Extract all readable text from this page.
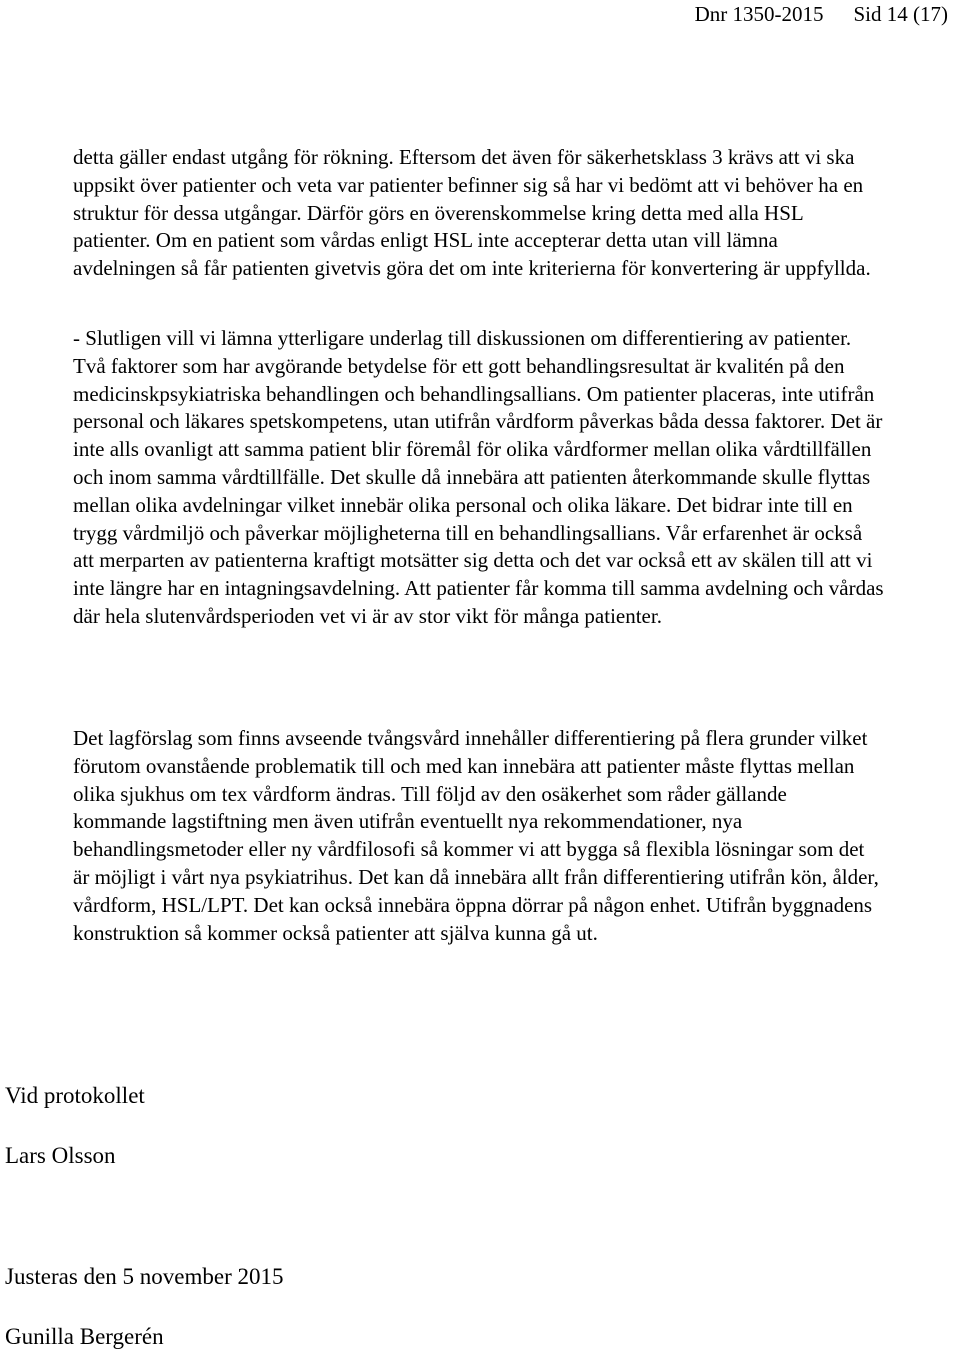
Dnr 1350-2015 Sid 14 (17)

detta gäller endast utgång för rökning. Eftersom det även för säkerhetsklass 3 krävs att vi ska uppsikt över patienter och veta var patienter befinner sig så har vi bedömt att vi behöver ha en struktur för dessa utgångar. Därför görs en överenskommelse kring detta med alla HSL patienter. Om en patient som vårdas enligt HSL inte accepterar detta utan vill lämna avdelningen så får patienten givetvis göra det om inte kriterierna för konvertering är uppfyllda.

- Slutligen vill vi lämna ytterligare underlag till diskussionen om differentiering av patienter. Två faktorer som har avgörande betydelse för ett gott behandlingsresultat är kvalitén på den medicinskpsykiatriska behandlingen och behandlingsallians. Om patienter placeras, inte utifrån personal och läkares spetskompetens, utan utifrån vårdform påverkas båda dessa faktorer. Det är inte alls ovanligt att samma patient blir föremål för olika vårdformer mellan olika vårdtillfällen och inom samma vårdtillfälle. Det skulle då innebära att patienten återkommande skulle flyttas mellan olika avdelningar vilket innebär olika personal och olika läkare. Det bidrar inte till en trygg vårdmiljö och påverkar möjligheterna till en behandlingsallians. Vår erfarenhet är också att merparten av patienterna kraftigt motsätter sig detta och det var också ett av skälen till att vi inte längre har en intagningsavdelning. Att patienter får komma till samma avdelning och vårdas där hela slutenvårdsperioden vet vi är av stor vikt för många patienter.

Det lagförslag som finns avseende tvångsvård innehåller differentiering på flera grunder vilket förutom ovanstående problematik till och med kan innebära att patienter måste flyttas mellan olika sjukhus om tex vårdform ändras. Till följd av den osäkerhet som råder gällande kommande lagstiftning men även utifrån eventuellt nya rekommendationer, nya behandlingsmetoder eller ny vårdfilosofi så kommer vi att bygga så flexibla lösningar som det är möjligt i vårt nya psykiatrihus. Det kan då innebära allt från differentiering utifrån kön, ålder, vårdform, HSL/LPT. Det kan också innebära öppna dörrar på någon enhet. Utifrån byggnadens konstruktion så kommer också patienter att själva kunna gå ut.

Vid protokollet
Lars Olsson
Justeras den 5 november 2015
Gunilla Bergerén
